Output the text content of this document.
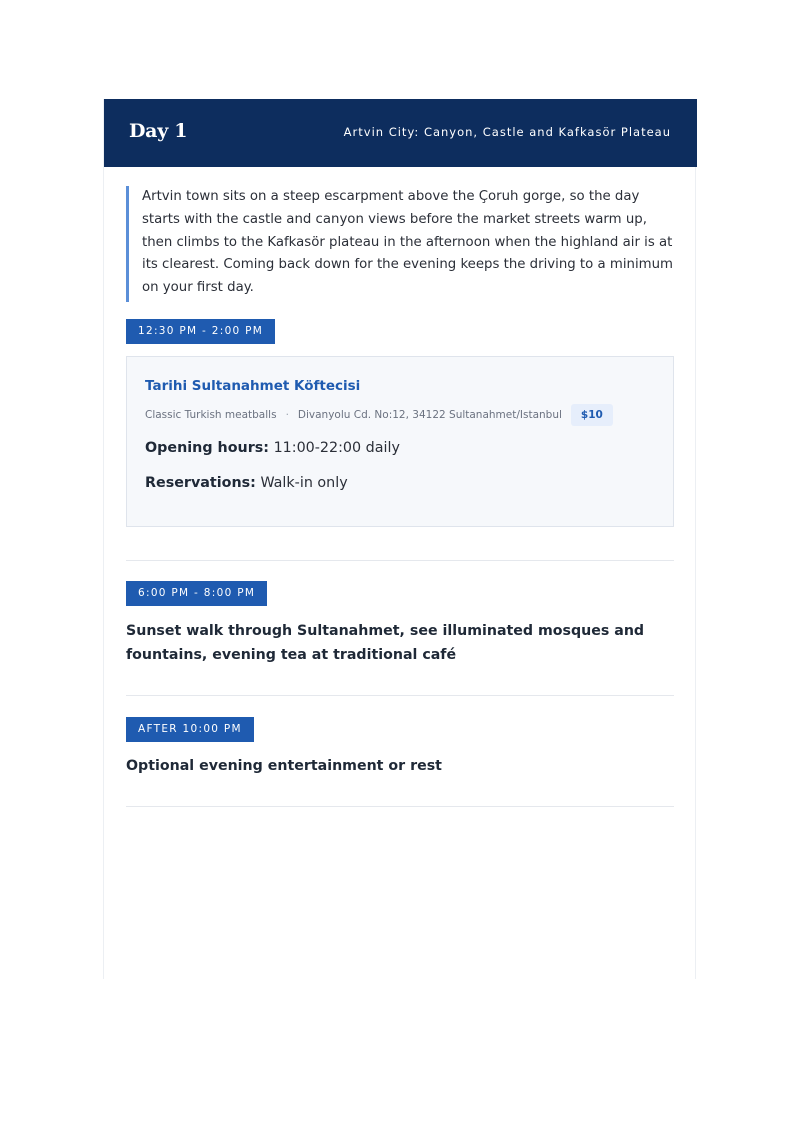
Day 1	Artvin City: Canyon, Castle and Kafkasör Plateau
Artvin town sits on a steep escarpment above the Çoruh gorge, so the day starts with the castle and canyon views before the market streets warm up, then climbs to the Kafkasör plateau in the afternoon when the highland air is at its clearest. Coming back down for the evening keeps the driving to a minimum on your first day.
12:30 PM - 2:00 PM
Tarihi Sultanahmet Köftecisi
Classic Turkish meatballs · Divanyolu Cd. No:12, 34122 Sultanahmet/Istanbul	$10
Opening hours: 11:00-22:00 daily
Reservations: Walk-in only
6:00 PM - 8:00 PM
Sunset walk through Sultanahmet, see illuminated mosques and fountains, evening tea at traditional café
AFTER 10:00 PM
Optional evening entertainment or rest
